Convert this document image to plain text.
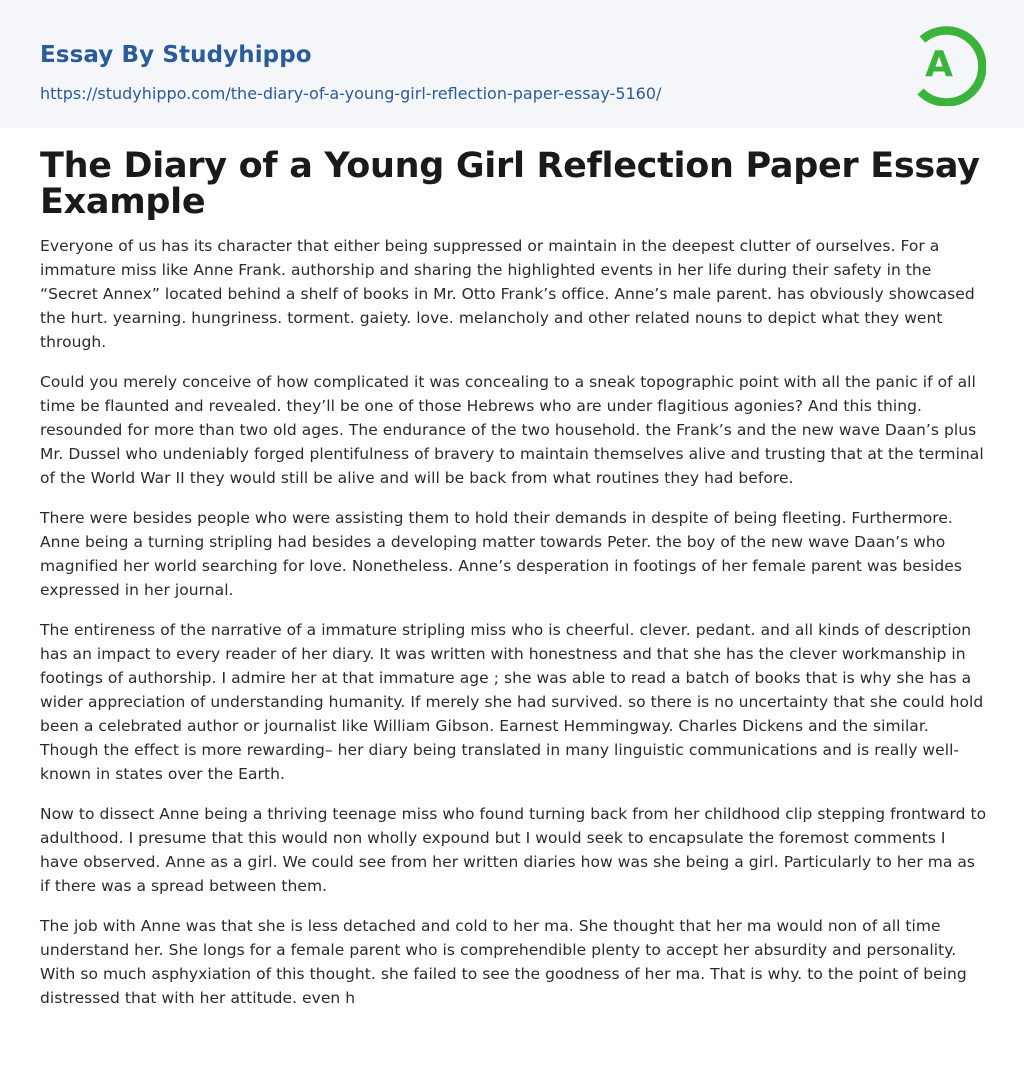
Essay By Studyhippo
https://studyhippo.com/the-diary-of-a-young-girl-reflection-paper-essay-5160/
A
The Diary of a Young Girl Reflection Paper Essay Example

Everyone of us has its character that either being suppressed or maintain in the deepest clutter of ourselves. For a immature miss like Anne Frank. authorship and sharing the highlighted events in her life during their safety in the “Secret Annex” located behind a shelf of books in Mr. Otto Frank’s office. Anne’s male parent. has obviously showcased the hurt. yearning. hungriness. torment. gaiety. love. melancholy and other related nouns to depict what they went through.

Could you merely conceive of how complicated it was concealing to a sneak topographic point with all the panic if of all time be flaunted and revealed. they’ll be one of those Hebrews who are under flagitious agonies? And this thing. resounded for more than two old ages. The endurance of the two household. the Frank’s and the new wave Daan’s plus Mr. Dussel who undeniably forged plentifulness of bravery to maintain themselves alive and trusting that at the terminal of the World War II they would still be alive and will be back from what routines they had before.

There were besides people who were assisting them to hold their demands in despite of being fleeting. Furthermore. Anne being a turning stripling had besides a developing matter towards Peter. the boy of the new wave Daan’s who magnified her world searching for love. Nonetheless. Anne’s desperation in footings of her female parent was besides expressed in her journal.

The entireness of the narrative of a immature stripling miss who is cheerful. clever. pedant. and all kinds of description has an impact to every reader of her diary. It was written with honestness and that she has the clever workmanship in footings of authorship. I admire her at that immature age ; she was able to read a batch of books that is why she has a wider appreciation of understanding humanity. If merely she had survived. so there is no uncertainty that she could hold been a celebrated author or journalist like William Gibson. Earnest Hemmingway. Charles Dickens and the similar. Though the effect is more rewarding– her diary being translated in many linguistic communications and is really well-known in states over the Earth.

Now to dissect Anne being a thriving teenage miss who found turning back from her childhood clip stepping frontward to adulthood. I presume that this would non wholly expound but I would seek to encapsulate the foremost comments I have observed. Anne as a girl. We could see from her written diaries how was she being a girl. Particularly to her ma as if there was a spread between them.

The job with Anne was that she is less detached and cold to her ma. She thought that her ma would non of all time understand her. She longs for a female parent who is comprehendible plenty to accept her absurdity and personality. With so much asphyxiation of this thought. she failed to see the goodness of her ma. That is why. to the point of being distressed that with her attitude. even h
